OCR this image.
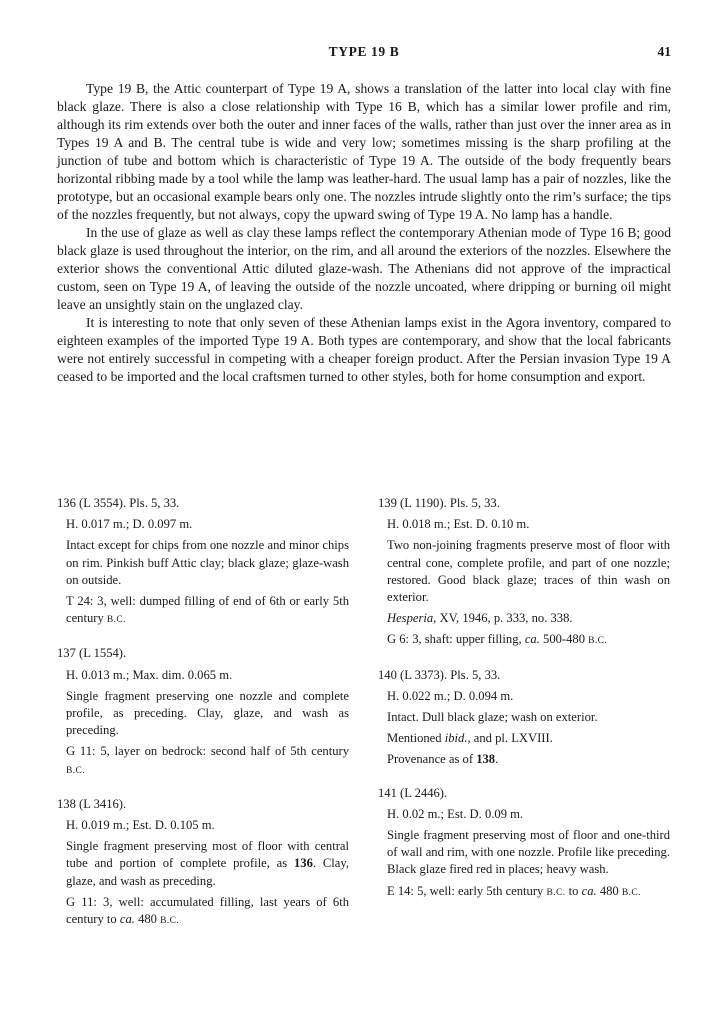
TYPE 19 B	41

Type 19 B, the Attic counterpart of Type 19 A, shows a translation of the latter into local clay with fine black glaze. There is also a close relationship with Type 16 B, which has a similar lower profile and rim, although its rim extends over both the outer and inner faces of the walls, rather than just over the inner area as in Types 19 A and B. The central tube is wide and very low; sometimes missing is the sharp profiling at the junction of tube and bottom which is characteristic of Type 19 A. The outside of the body frequently bears horizontal ribbing made by a tool while the lamp was leather-hard. The usual lamp has a pair of nozzles, like the prototype, but an occasional example bears only one. The nozzles intrude slightly onto the rim’s surface; the tips of the nozzles frequently, but not always, copy the upward swing of Type 19 A. No lamp has a handle.

In the use of glaze as well as clay these lamps reflect the contemporary Athenian mode of Type 16 B; good black glaze is used throughout the interior, on the rim, and all around the exteriors of the nozzles. Elsewhere the exterior shows the conventional Attic diluted glaze-wash. The Athenians did not approve of the impractical custom, seen on Type 19 A, of leaving the outside of the nozzle uncoated, where dripping or burning oil might leave an unsightly stain on the unglazed clay.

It is interesting to note that only seven of these Athenian lamps exist in the Agora inventory, compared to eighteen examples of the imported Type 19 A. Both types are contemporary, and show that the local fabricants were not entirely successful in competing with a cheaper foreign product. After the Persian invasion Type 19 A ceased to be imported and the local craftsmen turned to other styles, both for home consumption and export.

136 (L 3554). Pls. 5, 33.

H. 0.017 m.; D. 0.097 m.

Intact except for chips from one nozzle and minor chips on rim. Pinkish buff Attic clay; black glaze; glaze-wash on outside.

T 24: 3, well: dumped filling of end of 6th or early 5th century B.C.

137 (L 1554).

H. 0.013 m.; Max. dim. 0.065 m.

Single fragment preserving one nozzle and complete profile, as preceding. Clay, glaze, and wash as preceding.

G 11: 5, layer on bedrock: second half of 5th century B.C.

138 (L 3416).

H. 0.019 m.; Est. D. 0.105 m.

Single fragment preserving most of floor with central tube and portion of complete profile, as 136. Clay, glaze, and wash as preceding.

G 11: 3, well: accumulated filling, last years of 6th century to ca. 480 B.C.

139 (L 1190). Pls. 5, 33.

H. 0.018 m.; Est. D. 0.10 m.

Two non-joining fragments preserve most of floor with central cone, complete profile, and part of one nozzle; restored. Good black glaze; traces of thin wash on exterior.

Hesperia, XV, 1946, p. 333, no. 338.

G 6: 3, shaft: upper filling, ca. 500-480 B.C.

140 (L 3373). Pls. 5, 33.

H. 0.022 m.; D. 0.094 m.

Intact. Dull black glaze; wash on exterior.

Mentioned ibid., and pl. LXVIII.

Provenance as of 138.

141 (L 2446).

H. 0.02 m.; Est. D. 0.09 m.

Single fragment preserving most of floor and one-third of wall and rim, with one nozzle. Profile like preceding. Black glaze fired red in places; heavy wash.

E 14: 5, well: early 5th century B.C. to ca. 480 B.C.
